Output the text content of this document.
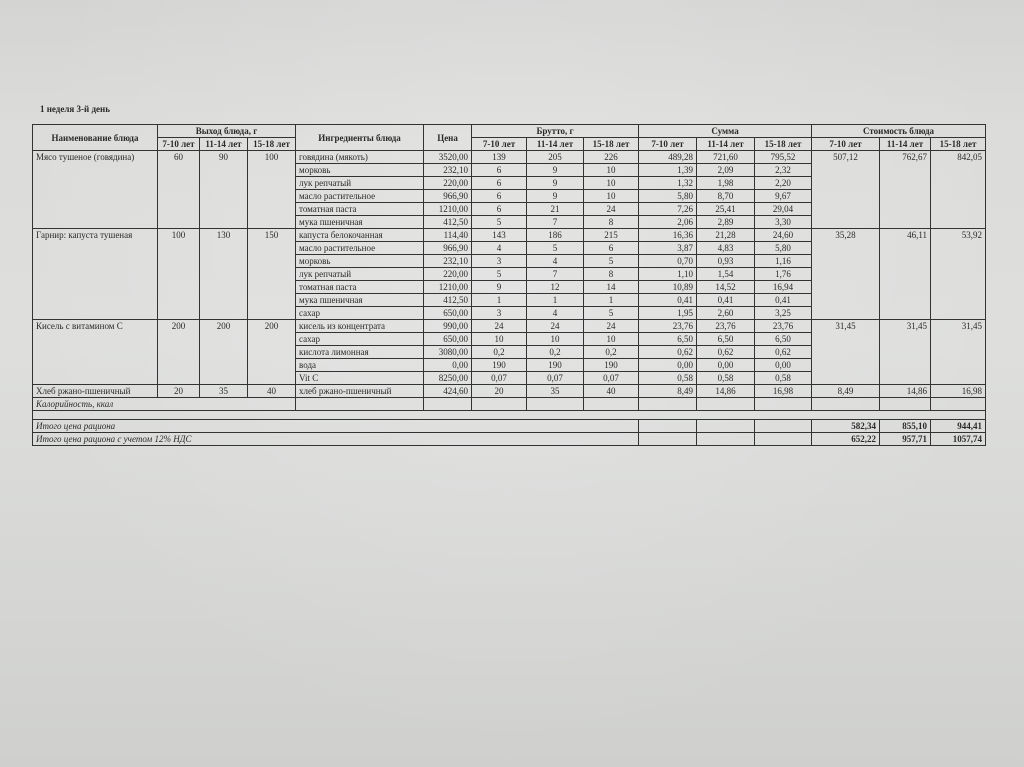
1 неделя 3-й день
Наименование блюда	Выход блюда, г			Ингредиенты блюда	Цена	Брутто, г			Сумма			Стоимость блюда		
	7-10 лет	11-14 лет	15-18 лет			7-10 лет	11-14 лет	15-18 лет	7-10 лет	11-14 лет	15-18 лет	7-10 лет	11-14 лет	15-18 лет
Мясо тушеное (говядина)	60	90	100	говядина (мякоть)	3520,00	139	205	226	489,28	721,60	795,52	507,12	762,67	842,05
				морковь	232,10	6	9	10	1,39	2,09	2,32			
				лук репчатый	220,00	6	9	10	1,32	1,98	2,20			
				масло растительное	966,90	6	9	10	5,80	8,70	9,67			
				томатная паста	1210,00	6	21	24	7,26	25,41	29,04			
				мука пшеничная	412,50	5	7	8	2,06	2,89	3,30			
Гарнир: капуста тушеная	100	130	150	капуста белокочанная	114,40	143	186	215	16,36	21,28	24,60	35,28	46,11	53,92
				масло растительное	966,90	4	5	6	3,87	4,83	5,80			
				морковь	232,10	3	4	5	0,70	0,93	1,16			
				лук репчатый	220,00	5	7	8	1,10	1,54	1,76			
				томатная паста	1210,00	9	12	14	10,89	14,52	16,94			
				мука пшеничная	412,50	1	1	1	0,41	0,41	0,41			
				сахар	650,00	3	4	5	1,95	2,60	3,25			
Кисель с витамином С	200	200	200	кисель из концентрата	990,00	24	24	24	23,76	23,76	23,76	31,45	31,45	31,45
				сахар	650,00	10	10	10	6,50	6,50	6,50			
				кислота лимонная	3080,00	0,2	0,2	0,2	0,62	0,62	0,62			
				вода	0,00	190	190	190	0,00	0,00	0,00			
				Vit C	8250,00	0,07	0,07	0,07	0,58	0,58	0,58			
Хлеб ржано-пшеничный	20	35	40	хлеб ржано-пшеничный	424,60	20	35	40	8,49	14,86	16,98	8,49	14,86	16,98
Калорийность, ккал														

Итого цена рациона												582,34	855,10	944,41
Итого цена рациона с учетом 12% НДС												652,22	957,71	1057,74
